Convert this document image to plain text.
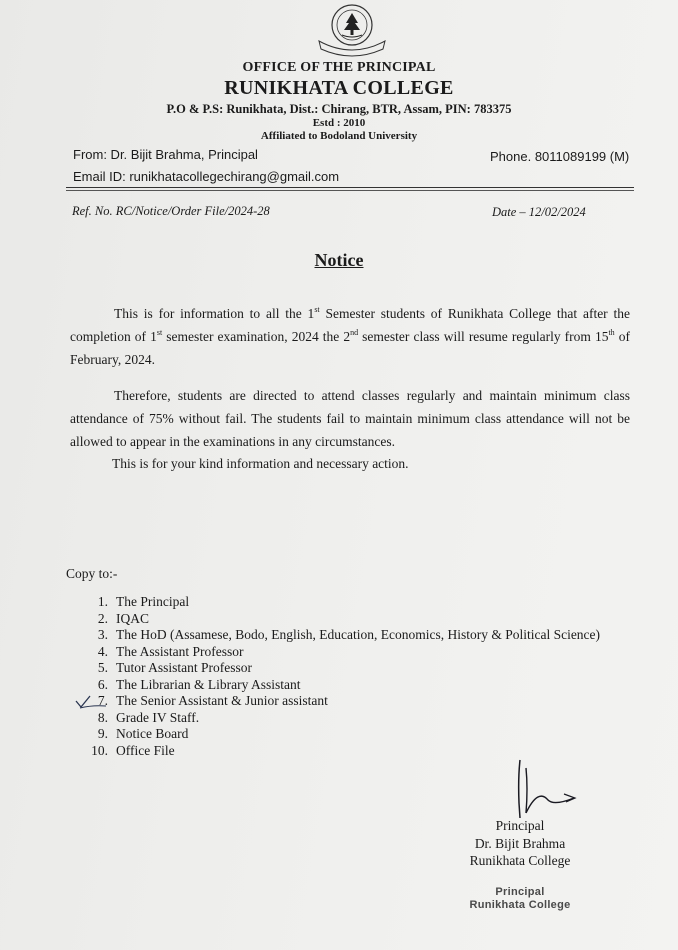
OFFICE OF THE PRINCIPAL
RUNIKHATA COLLEGE
P.O & P.S: Runikhata, Dist.: Chirang, BTR, Assam, PIN: 783375
Estd : 2010
Affiliated to Bodoland University
From: Dr. Bijit Brahma, Principal	Phone. 8011089199 (M)
Email ID: runikhatacollegechirang@gmail.com
Ref. No. RC/Notice/Order File/2024-28	Date – 12/02/2024
Notice
This is for information to all the 1st Semester students of Runikhata College that after the completion of 1st semester examination, 2024 the 2nd semester class will resume regularly from 15th of February, 2024.
Therefore, students are directed to attend classes regularly and maintain minimum class attendance of 75% without fail. The students fail to maintain minimum class attendance will not be allowed to appear in the examinations in any circumstances.
This is for your kind information and necessary action.
Copy to:-
1. The Principal
2. IQAC
3. The HoD (Assamese, Bodo, English, Education, Economics, History & Political Science)
4. The Assistant Professor
5. Tutor Assistant Professor
6. The Librarian & Library Assistant
7. The Senior Assistant & Junior assistant
8. Grade IV Staff.
9. Notice Board
10. Office File
Principal
Dr. Bijit Brahma
Runikhata College
Principal
Runikhata College
